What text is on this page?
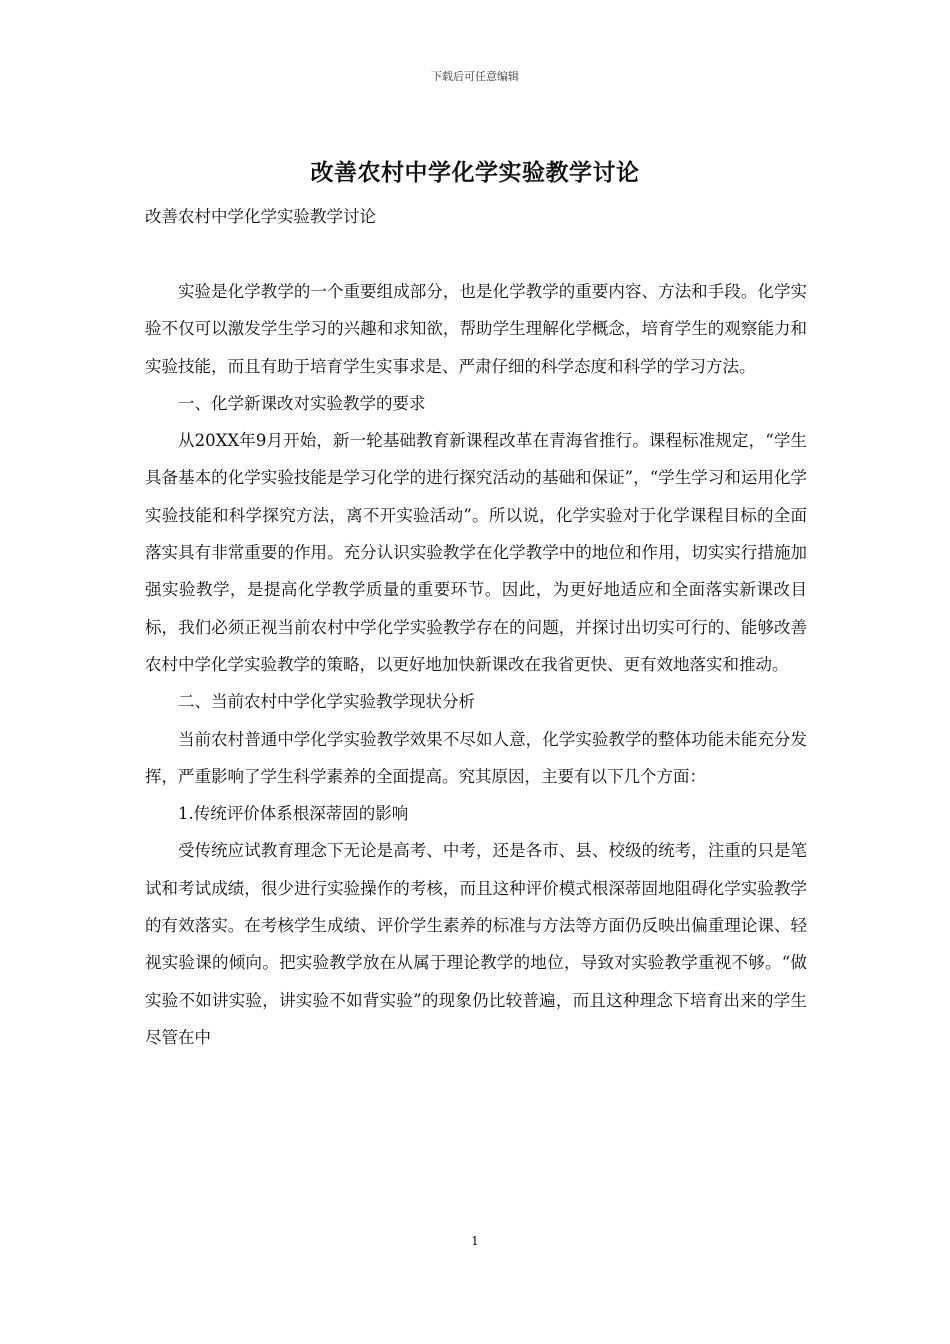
下载后可任意编辑
改善农村中学化学实验教学讨论
改善农村中学化学实验教学讨论

实验是化学教学的一个重要组成部分，也是化学教学的重要内容、方法和手段。化学实验不仅可以激发学生学习的兴趣和求知欲，帮助学生理解化学概念，培育学生的观察能力和实验技能，而且有助于培育学生实事求是、严肃仔细的科学态度和科学的学习方法。

一、化学新课改对实验教学的要求

从20XX年9月开始，新一轮基础教育新课程改革在青海省推行。课程标准规定，“学生具备基本的化学实验技能是学习化学的进行探究活动的基础和保证”，“学生学习和运用化学实验技能和科学探究方法，离不开实验活动”。所以说，化学实验对于化学课程目标的全面落实具有非常重要的作用。充分认识实验教学在化学教学中的地位和作用，切实实行措施加强实验教学，是提高化学教学质量的重要环节。因此，为更好地适应和全面落实新课改目标，我们必须正视当前农村中学化学实验教学存在的问题，并探讨出切实可行的、能够改善农村中学化学实验教学的策略，以更好地加快新课改在我省更快、更有效地落实和推动。

二、当前农村中学化学实验教学现状分析

当前农村普通中学化学实验教学效果不尽如人意，化学实验教学的整体功能未能充分发挥，严重影响了学生科学素养的全面提高。究其原因，主要有以下几个方面：

1.传统评价体系根深蒂固的影响

受传统应试教育理念下无论是高考、中考，还是各市、县、校级的统考，注重的只是笔试和考试成绩，很少进行实验操作的考核，而且这种评价模式根深蒂固地阻碍化学实验教学的有效落实。在考核学生成绩、评价学生素养的标准与方法等方面仍反映出偏重理论课、轻视实验课的倾向。把实验教学放在从属于理论教学的地位，导致对实验教学重视不够。“做实验不如讲实验，讲实验不如背实验”的现象仍比较普遍，而且这种理念下培育出来的学生尽管在中

1
